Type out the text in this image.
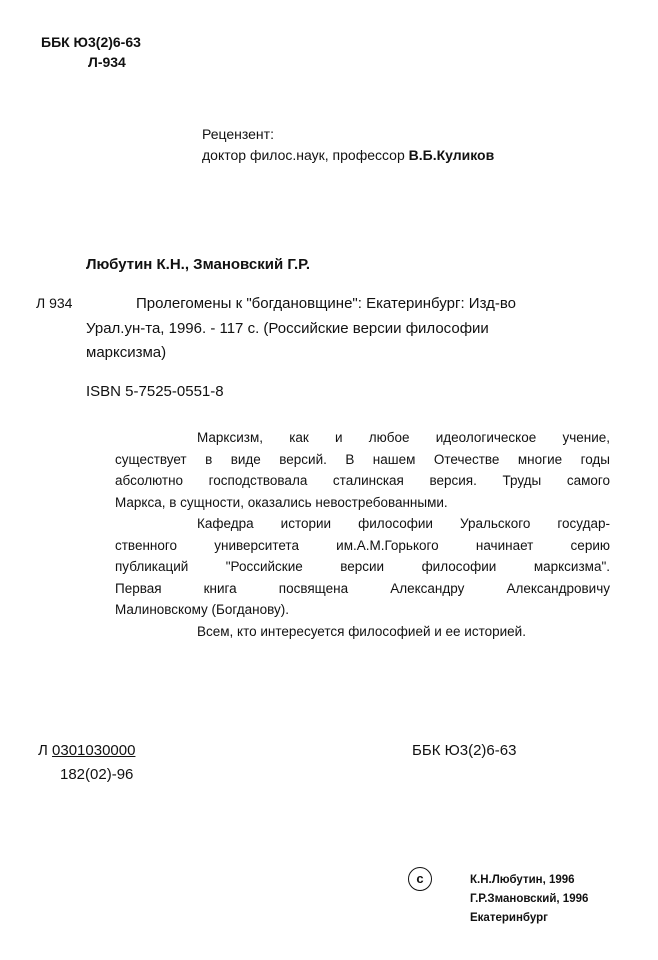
ББК Ю3(2)6-63
Л-934
Рецензент:
доктор филос.наук, профессор В.Б.Куликов
Любутин К.Н., Змановский Г.Р.
Л 934	Пролегомены к "богдановщине": Екатеринбург: Изд-во
Урал.ун-та, 1996. - 117 с. (Российские версии философии
марксизма)
ISBN 5-7525-0551-8

Марксизм, как и любое идеологическое учение,

существует в виде версий. В нашем Отечестве многие годы

абсолютно господствовала сталинская версия. Труды самого

Маркса, в сущности, оказались невостребованными.

Кафедра истории философии Уральского государ-

ственного университета им.А.М.Горького начинает серию

публикаций "Российские версии философии марксизма".

Первая книга посвящена Александру Александровичу

Малиновскому (Богданову).

Всем, кто интересуется философией и ее историей.

Л 0301030000
182(02)-96
ББК Ю3(2)6-63
c	К.Н.Любутин, 1996
Г.Р.Змановский, 1996
Екатеринбург
